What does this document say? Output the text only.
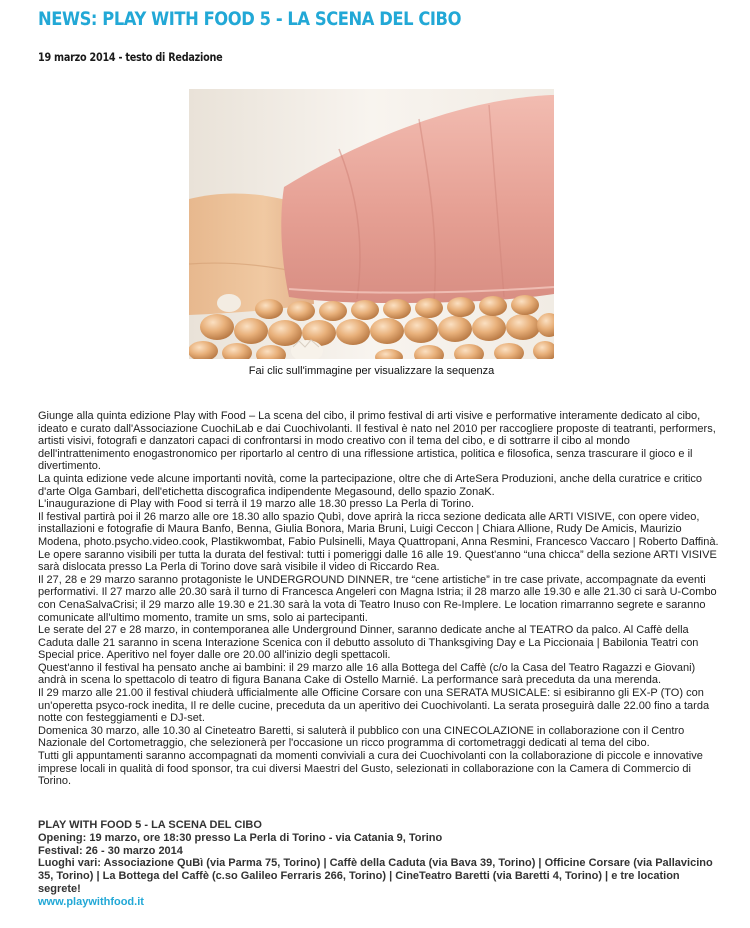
NEWS: PLAY WITH FOOD 5 - LA SCENA DEL CIBO
19 marzo 2014 - testo di Redazione

Fai clic sull'immagine per visualizzare la sequenza

Giunge alla quinta edizione Play with Food – La scena del cibo, il primo festival di arti visive e performative interamente dedicato al cibo, ideato e curato dall'Associazione CuochiLab e dai Cuochivolanti. Il festival è nato nel 2010 per raccogliere proposte di teatranti, performers, artisti visivi, fotografi e danzatori capaci di confrontarsi in modo creativo con il tema del cibo, e di sottrarre il cibo al mondo dell'intrattenimento enogastronomico per riportarlo al centro di una riflessione artistica, politica e filosofica, senza trascurare il gioco e il divertimento.

La quinta edizione vede alcune importanti novità, come la partecipazione, oltre che di ArteSera Produzioni, anche della curatrice e critico d'arte Olga Gambari, dell'etichetta discografica indipendente Megasound, dello spazio ZonaK.

L'inaugurazione di Play with Food si terrà il 19 marzo alle 18.30 presso La Perla di Torino.

Il festival partirà poi il 26 marzo alle ore 18.30 allo spazio Qubì, dove aprirà la ricca sezione dedicata alle ARTI VISIVE, con opere video, installazioni e fotografie di Maura Banfo, Benna, Giulia Bonora, Maria Bruni, Luigi Ceccon | Chiara Allione, Rudy De Amicis, Maurizio Modena, photo.psycho.video.cook, Plastikwombat, Fabio Pulsinelli, Maya Quattropani, Anna Resmini, Francesco Vaccaro | Roberto Daffinà.

Le opere saranno visibili per tutta la durata del festival: tutti i pomeriggi dalle 16 alle 19. Quest'anno “una chicca” della sezione ARTI VISIVE sarà dislocata presso La Perla di Torino dove sarà visibile il video di Riccardo Rea.

Il 27, 28 e 29 marzo saranno protagoniste le UNDERGROUND DINNER, tre “cene artistiche” in tre case private, accompagnate da eventi performativi. Il 27 marzo alle 20.30 sarà il turno di Francesca Angeleri con Magna Istria; il 28 marzo alle 19.30 e alle 21.30 ci sarà U-Combo con CenaSalvaCrisi; il 29 marzo alle 19.30 e 21.30 sarà la vota di Teatro Inuso con Re-Implere. Le location rimarranno segrete e saranno comunicate all'ultimo momento, tramite un sms, solo ai partecipanti.

Le serate del 27 e 28 marzo, in contemporanea alle Underground Dinner, saranno dedicate anche al TEATRO da palco. Al Caffè della Caduta dalle 21 saranno in scena Interazione Scenica con il debutto assoluto di Thanksgiving Day e La Piccionaia | Babilonia Teatri con Special price. Aperitivo nel foyer dalle ore 20.00 all'inizio degli spettacoli.

Quest'anno il festival ha pensato anche ai bambini: il 29 marzo alle 16 alla Bottega del Caffè (c/o la Casa del Teatro Ragazzi e Giovani) andrà in scena lo spettacolo di teatro di figura Banana Cake di Ostello Marnié. La performance sarà preceduta da una merenda.

Il 29 marzo alle 21.00 il festival chiuderà ufficialmente alle Officine Corsare con una SERATA MUSICALE: si esibiranno gli EX-P (TO) con un'operetta psyco-rock inedita, Il re delle cucine, preceduta da un aperitivo dei Cuochivolanti. La serata proseguirà dalle 22.00 fino a tarda notte con festeggiamenti e DJ-set.

Domenica 30 marzo, alle 10.30 al Cineteatro Baretti, si saluterà il pubblico con una CINECOLAZIONE in collaborazione con il Centro Nazionale del Cortometraggio, che selezionerà per l'occasione un ricco programma di cortometraggi dedicati al tema del cibo.

Tutti gli appuntamenti saranno accompagnati da momenti conviviali a cura dei Cuochivolanti con la collaborazione di piccole e innovative imprese locali in qualità di food sponsor, tra cui diversi Maestri del Gusto, selezionati in collaborazione con la Camera di Commercio di Torino.

PLAY WITH FOOD 5 - LA SCENA DEL CIBO
Opening: 19 marzo, ore 18:30 presso La Perla di Torino - via Catania 9, Torino
Festival: 26 - 30 marzo 2014
Luoghi vari: Associazione QuBì (via Parma 75, Torino) | Caffè della Caduta (via Bava 39, Torino) | Officine Corsare (via Pallavicino 35, Torino) | La Bottega del Caffè (c.so Galileo Ferraris 266, Torino) | CineTeatro Baretti (via Baretti 4, Torino) | e tre location segrete!
www.playwithfood.it
